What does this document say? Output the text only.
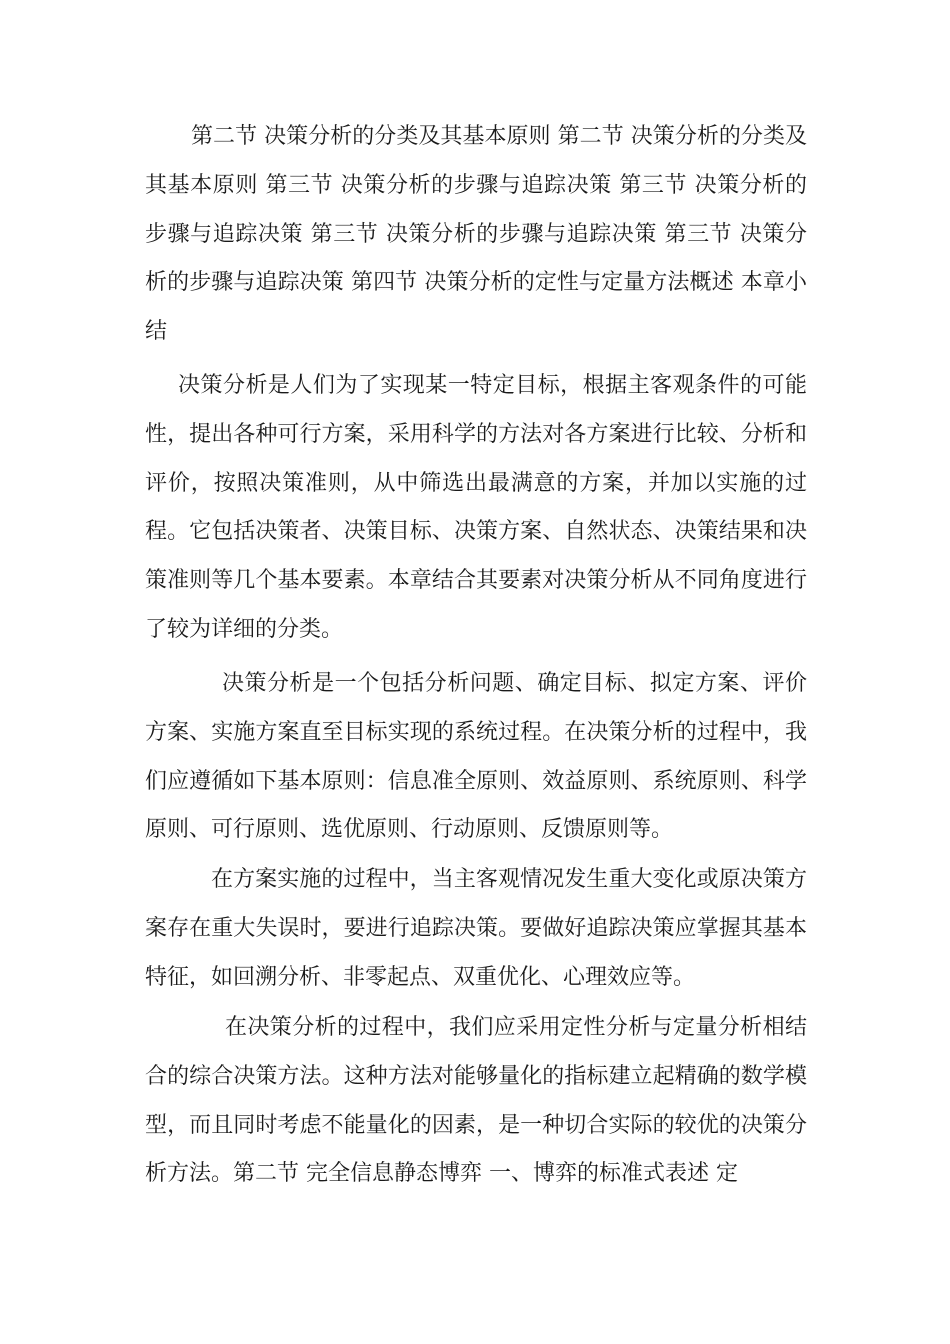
第二节 决策分析的分类及其基本原则 第二节 决策分析的分类及其基本原则 第三节 决策分析的步骤与追踪决策 第三节 决策分析的步骤与追踪决策 第三节 决策分析的步骤与追踪决策 第三节 决策分析的步骤与追踪决策 第四节 决策分析的定性与定量方法概述 本章小结

决策分析是人们为了实现某一特定目标，根据主客观条件的可能性，提出各种可行方案，采用科学的方法对各方案进行比较、分析和评价，按照决策准则，从中筛选出最满意的方案，并加以实施的过程。它包括决策者、决策目标、决策方案、自然状态、决策结果和决策准则等几个基本要素。本章结合其要素对决策分析从不同角度进行了较为详细的分类。

决策分析是一个包括分析问题、确定目标、拟定方案、评价方案、实施方案直至目标实现的系统过程。在决策分析的过程中，我们应遵循如下基本原则：信息准全原则、效益原则、系统原则、科学原则、可行原则、选优原则、行动原则、反馈原则等。

在方案实施的过程中，当主客观情况发生重大变化或原决策方案存在重大失误时，要进行追踪决策。要做好追踪决策应掌握其基本特征，如回溯分析、非零起点、双重优化、心理效应等。

在决策分析的过程中，我们应采用定性分析与定量分析相结合的综合决策方法。这种方法对能够量化的指标建立起精确的数学模型，而且同时考虑不能量化的因素，是一种切合实际的较优的决策分析方法。第二节 完全信息静态博弈 一、博弈的标准式表述 定
